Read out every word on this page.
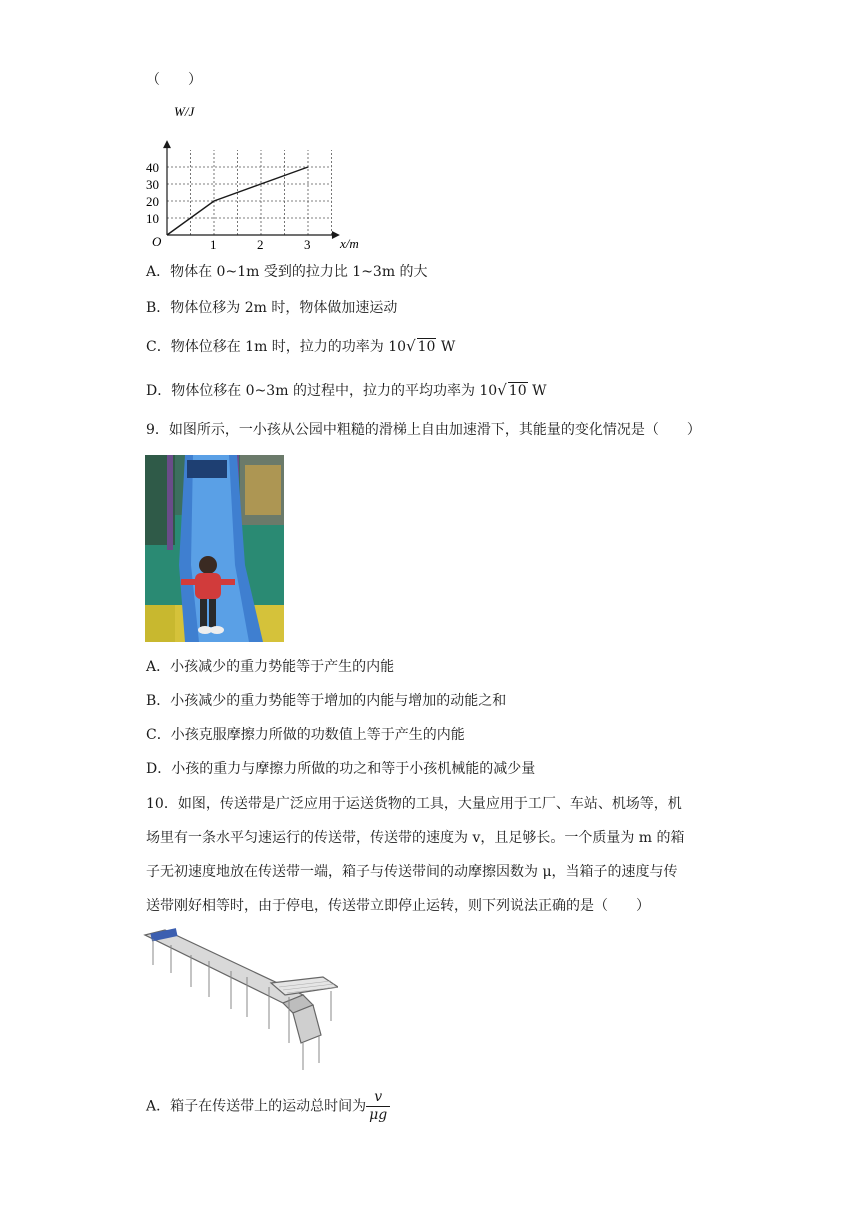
（　　）
W/J
x/m
O	1	2	3
10
20
30
40
A．物体在 0~1m 受到的拉力比 1~3m 的大
B．物体位移为 2m 时，物体做加速运动
C．物体位移在 1m 时，拉力的功率为 10√ 10 W
D．物体位移在 0~3m 的过程中，拉力的平均功率为 10√ 10 W
9．如图所示，一小孩从公园中粗糙的滑梯上自由加速滑下，其能量的变化情况是（　　）
A．小孩减少的重力势能等于产生的内能
B．小孩减少的重力势能等于增加的内能与增加的动能之和
C．小孩克服摩擦力所做的功数值上等于产生的内能
D．小孩的重力与摩擦力所做的功之和等于小孩机械能的减少量
10．如图，传送带是广泛应用于运送货物的工具，大量应用于工厂、车站、机场等，机
场里有一条水平匀速运行的传送带，传送带的速度为 v，且足够长。一个质量为 m 的箱
子无初速度地放在传送带一端，箱子与传送带间的动摩擦因数为 μ，当箱子的速度与传
送带刚好相等时，由于停电，传送带立即停止运转，则下列说法正确的是（　　）
A．箱子在传送带上的运动总时间为 $\frac{v}{\mu g}$
